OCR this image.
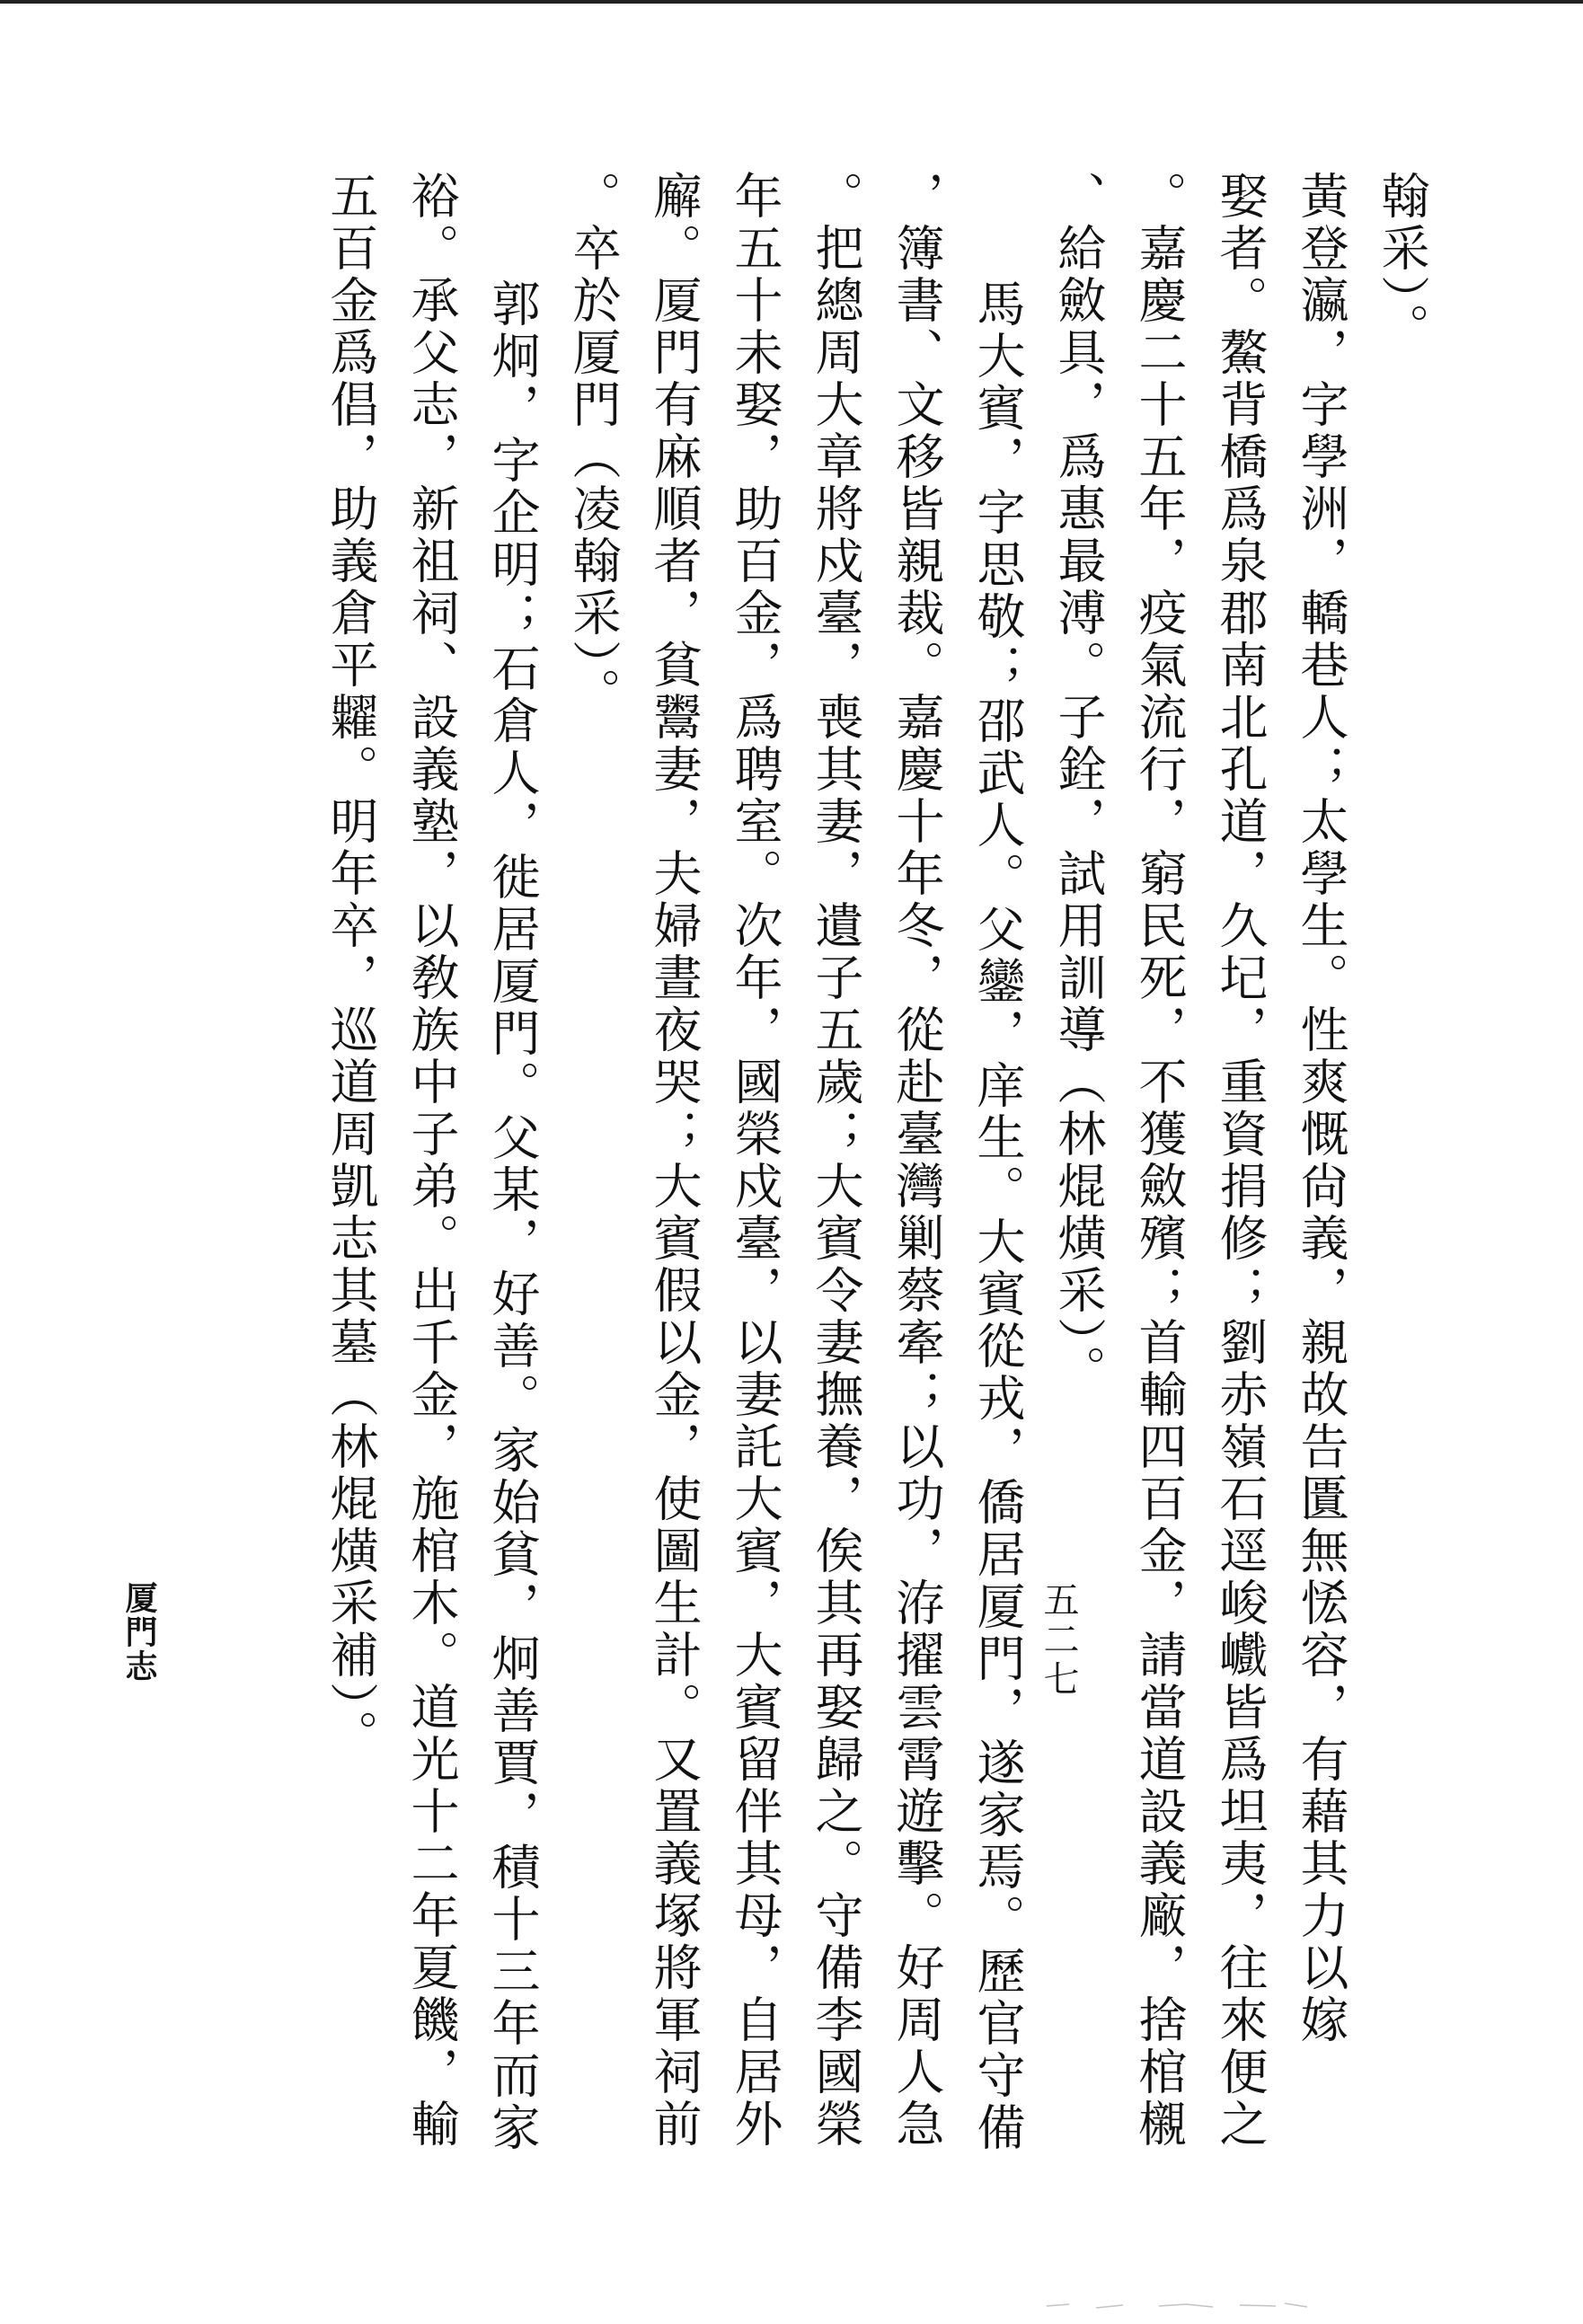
翰采）。
黃登瀛，字學洲，轎巷人；太學生。性爽慨尙義，親故告匱無恡容，有藉其力以嫁
娶者。鰲背橋爲泉郡南北孔道，久圮，重資捐修；劉赤嶺石逕峻巇皆爲坦夷，往來便之
。嘉慶二十五年，疫氣流行，窮民死，不獲斂殯；首輸四百金，請當道設義廠，捨棺櫬
、給斂具，爲惠最溥。子銓，試用訓導（林焜熿采）。
馬大賓，字思敬；邵武人。父鑾，庠生。大賓從戎，僑居厦門，遂家焉。歷官守備
，簿書、文移皆親裁。嘉慶十年冬，從赴臺灣剿蔡牽；以功，洊擢雲霄遊擊。好周人急
。把總周大章將戍臺，喪其妻，遺子五歲；大賓令妻撫養，俟其再娶歸之。守備李國榮
年五十未娶，助百金，爲聘室。次年，國榮戍臺，以妻託大賓，大賓留伴其母，自居外
廨。厦門有麻順者，貧鬻妻，夫婦晝夜哭；大賓假以金，使圖生計。又置義塚將軍祠前
。卒於厦門（凌翰采）。
郭炯，字企明；石倉人，徙居厦門。父某，好善。家始貧，炯善賈，積十三年而家
裕。承父志，新祖祠、設義塾，以敎族中子弟。出千金，施棺木。道光十二年夏饑，輸
五百金爲倡，助義倉平糶。明年卒，巡道周凱志其墓（林焜熿采補）。
厦門志	五二七
